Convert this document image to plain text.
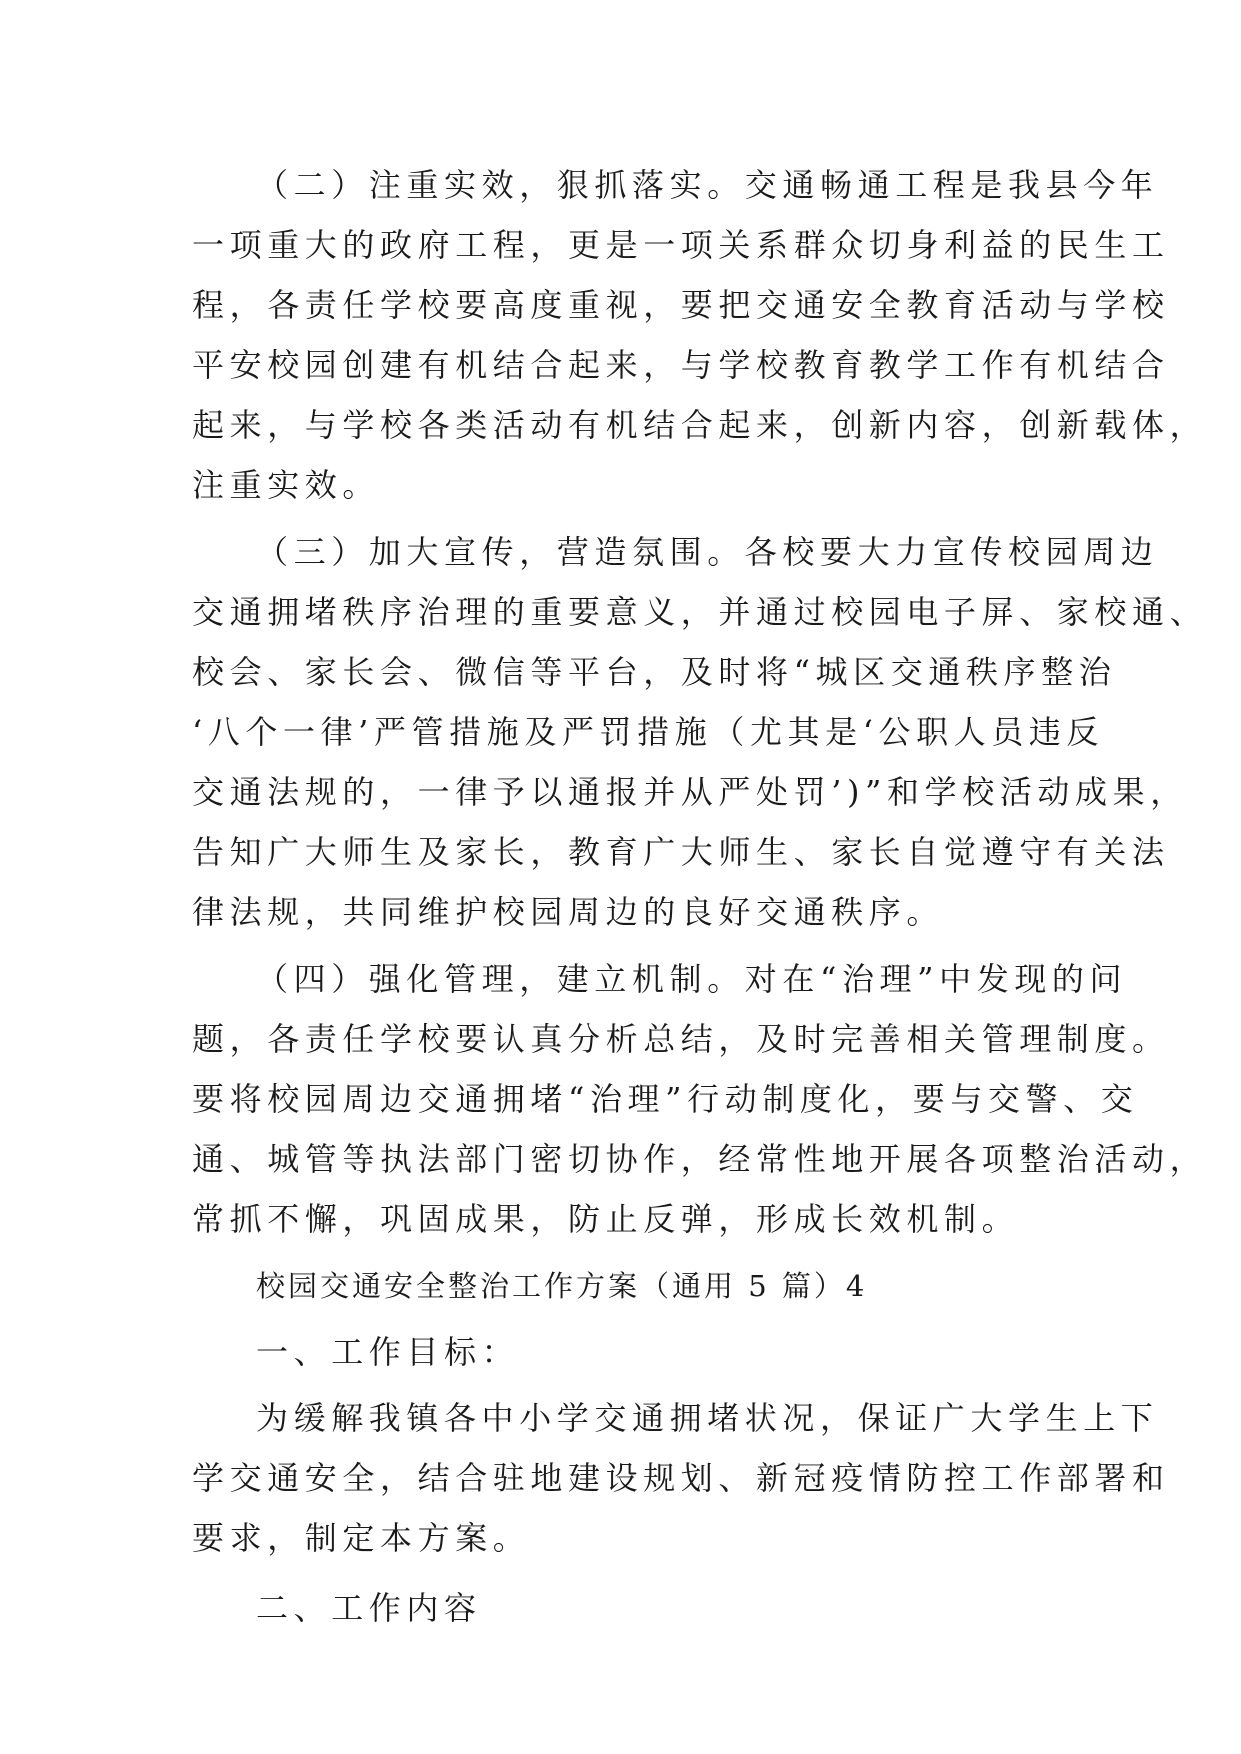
（二）注重实效，狠抓落实。交通畅通工程是我县今年
一项重大的政府工程，更是一项关系群众切身利益的民生工
程，各责任学校要高度重视，要把交通安全教育活动与学校
平安校园创建有机结合起来，与学校教育教学工作有机结合
起来，与学校各类活动有机结合起来，创新内容，创新载体，
注重实效。
（三）加大宣传，营造氛围。各校要大力宣传校园周边
交通拥堵秩序治理的重要意义，并通过校园电子屏、家校通、
校会、家长会、微信等平台，及时将“城区交通秩序整治
‘八个一律’严管措施及严罚措施（尤其是‘公职人员违反
交通法规的，一律予以通报并从严处罚’)”和学校活动成果，
告知广大师生及家长，教育广大师生、家长自觉遵守有关法
律法规，共同维护校园周边的良好交通秩序。
（四）强化管理，建立机制。对在“治理”中发现的问
题，各责任学校要认真分析总结，及时完善相关管理制度。
要将校园周边交通拥堵“治理”行动制度化，要与交警、交
通、城管等执法部门密切协作，经常性地开展各项整治活动，
常抓不懈，巩固成果，防止反弹，形成长效机制。
校园交通安全整治工作方案（通用 5 篇）4
一、工作目标：
为缓解我镇各中小学交通拥堵状况，保证广大学生上下
学交通安全，结合驻地建设规划、新冠疫情防控工作部署和
要求，制定本方案。
二、工作内容
